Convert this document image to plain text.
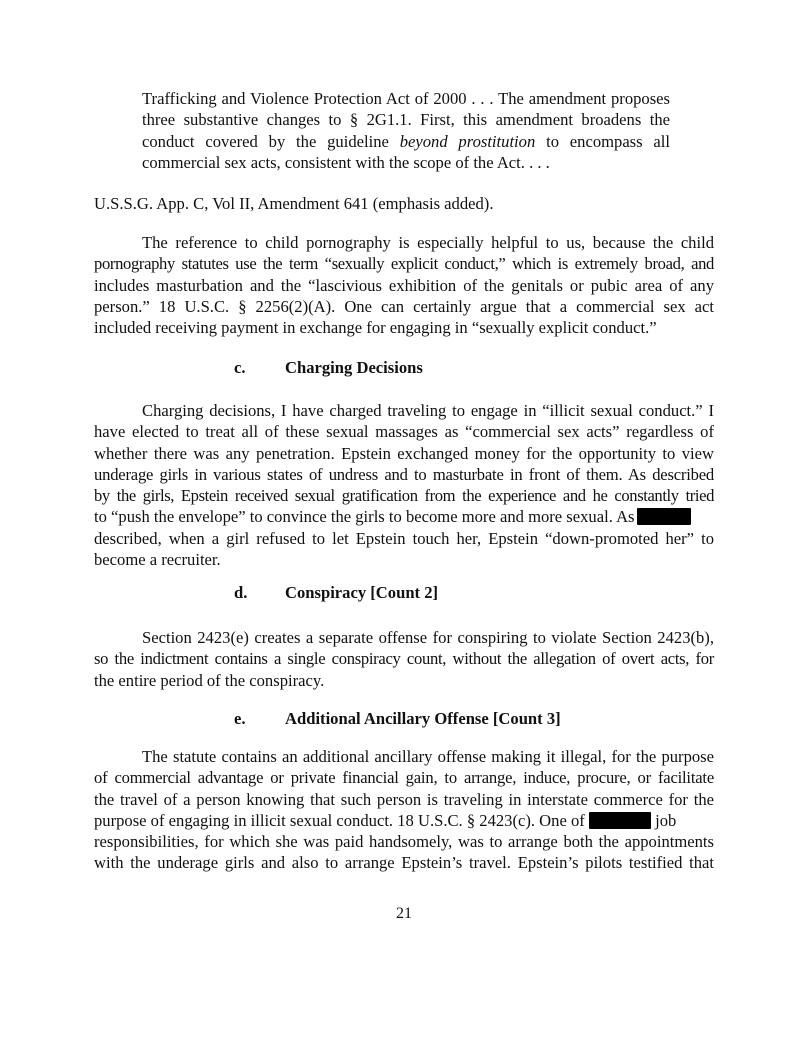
Trafficking and Violence Protection Act of 2000 . . . The amendment proposes
three substantive changes to § 2G1.1. First, this amendment broadens the
conduct covered by the guideline beyond prostitution to encompass all
commercial sex acts, consistent with the scope of the Act. . . .
U.S.S.G. App. C, Vol II, Amendment 641 (emphasis added).
The reference to child pornography is especially helpful to us, because the child
pornography statutes use the term “sexually explicit conduct,” which is extremely broad, and
includes masturbation and the “lascivious exhibition of the genitals or pubic area of any
person.” 18 U.S.C. § 2256(2)(A). One can certainly argue that a commercial sex act
included receiving payment in exchange for engaging in “sexually explicit conduct.”
c. Charging Decisions
Charging decisions, I have charged traveling to engage in “illicit sexual conduct.” I
have elected to treat all of these sexual massages as “commercial sex acts” regardless of
whether there was any penetration. Epstein exchanged money for the opportunity to view
underage girls in various states of undress and to masturbate in front of them. As described
by the girls, Epstein received sexual gratification from the experience and he constantly tried
to “push the envelope” to convince the girls to become more and more sexual. As
described, when a girl refused to let Epstein touch her, Epstein “down-promoted her” to
become a recruiter.
d. Conspiracy [Count 2]
Section 2423(e) creates a separate offense for conspiring to violate Section 2423(b),
so the indictment contains a single conspiracy count, without the allegation of overt acts, for
the entire period of the conspiracy.
e. Additional Ancillary Offense [Count 3]
The statute contains an additional ancillary offense making it illegal, for the purpose
of commercial advantage or private financial gain, to arrange, induce, procure, or facilitate
the travel of a person knowing that such person is traveling in interstate commerce for the
purpose of engaging in illicit sexual conduct. 18 U.S.C. § 2423(c). One of	job
responsibilities, for which she was paid handsomely, was to arrange both the appointments
with the underage girls and also to arrange Epstein’s travel. Epstein’s pilots testified that
21
